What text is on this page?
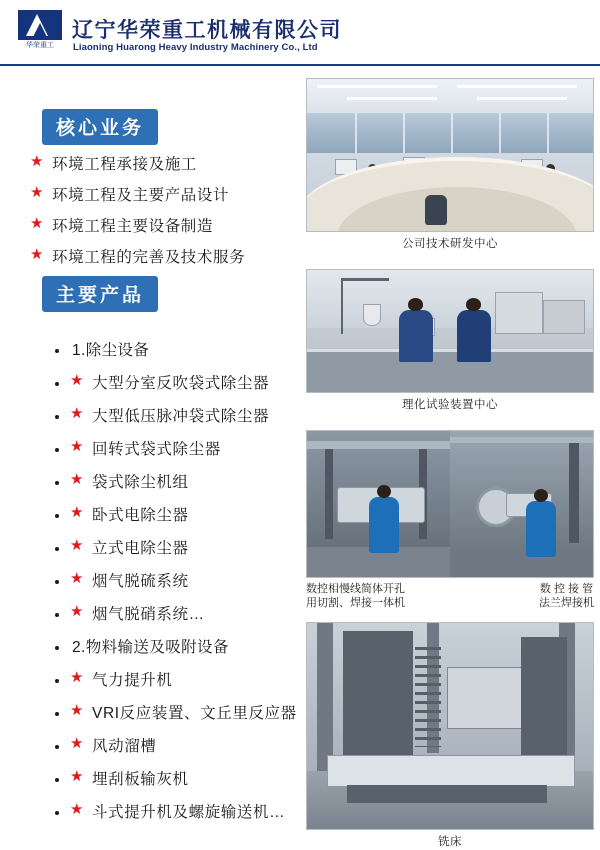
华荣重工
辽宁华荣重工机械有限公司
Liaoning Huarong Heavy Industry Machinery Co., Ltd
核心业务
★ 环境工程承接及施工
★ 环境工程及主要产品设计
★ 环境工程主要设备制造
★ 环境工程的完善及技术服务
主要产品
• 1.除尘设备
• ★ 大型分室反吹袋式除尘器
• ★ 大型低压脉冲袋式除尘器
• ★ 回转式袋式除尘器
• ★ 袋式除尘机组
• ★ 卧式电除尘器
• ★ 立式电除尘器
• ★ 烟气脱硫系统
• ★ 烟气脱硝系统…
• 2.物料输送及吸附设备
• ★ 气力提升机
• ★ VRI反应装置、文丘里反应器
• ★ 风动溜槽
• ★ 埋刮板输灰机
• ★ 斗式提升机及螺旋输送机…
公司技术研发中心
理化试验装置中心
数控相慢线简体开孔
用切割、焊接一体机
数 控 接 管
法兰焊接机
铣床
